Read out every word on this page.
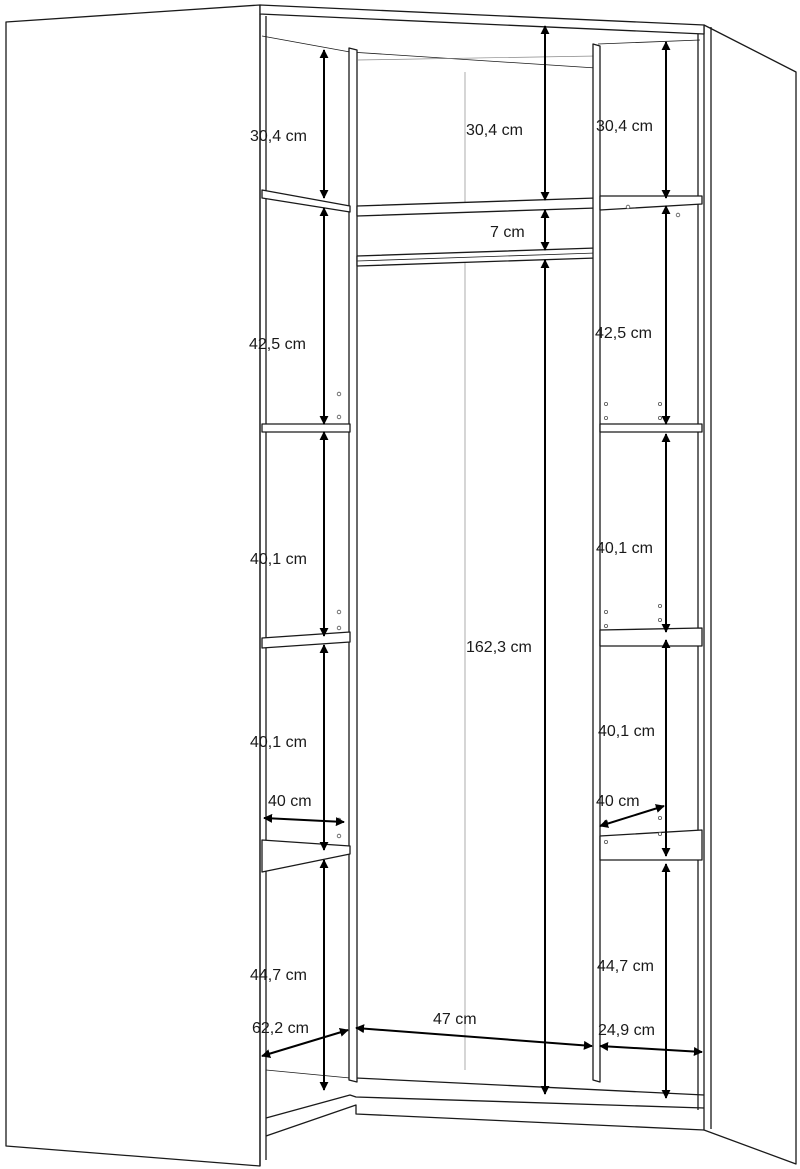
30,4 cm	30,4 cm	30,4 cm
7 cm
42,5 cm
42,5 cm
40,1 cm
40,1 cm
162,3 cm
40,1 cm
40,1 cm
40 cm	40 cm
44,7 cm
44,7 cm
62,2 cm
47 cm
24,9 cm
